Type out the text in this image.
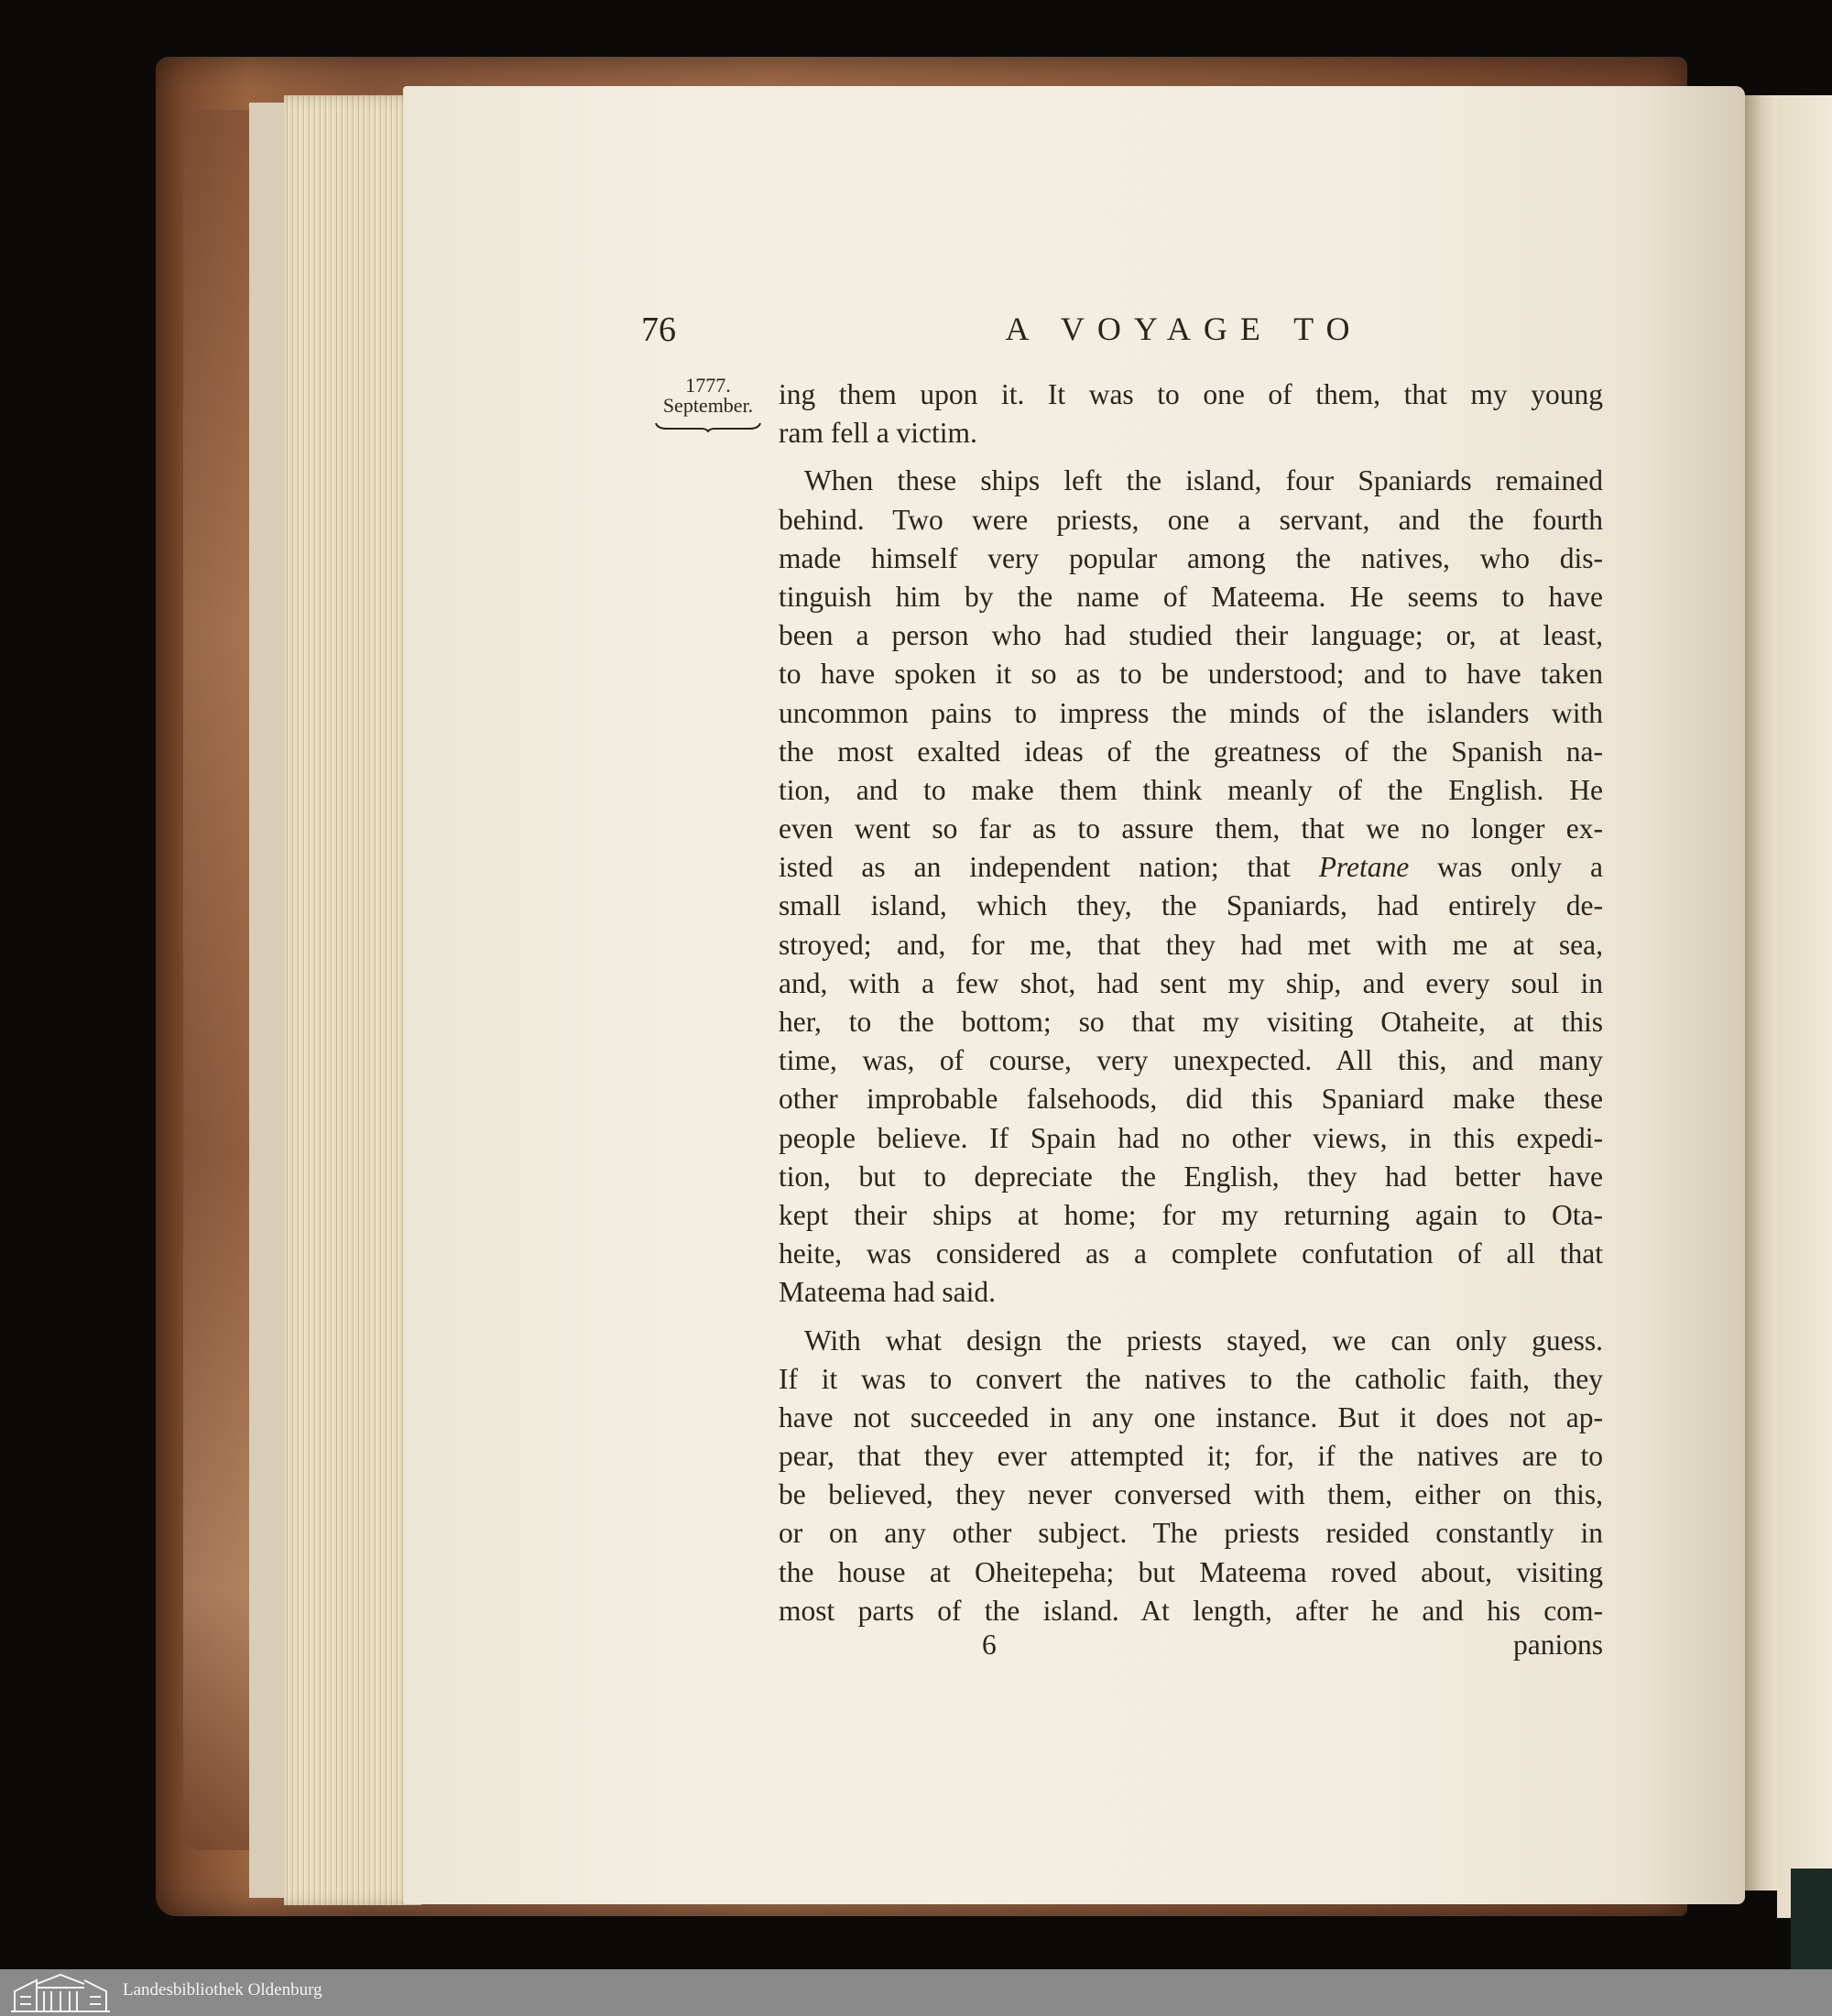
76	A VOYAGE TO
1777.
September. ing them upon it. It was to one of them, that my young
ram fell a victim.
When these ships left the island, four Spaniards remained
behind. Two were priests, one a servant, and the fourth
made himself very popular among the natives, who dis-
tinguish him by the name of Mateema. He seems to have
been a person who had studied their language; or, at least,
to have spoken it so as to be understood; and to have taken
uncommon pains to impress the minds of the islanders with
the most exalted ideas of the greatness of the Spanish na-
tion, and to make them think meanly of the English. He
even went so far as to assure them, that we no longer ex-
isted as an independent nation; that Pretane was only a
small island, which they, the Spaniards, had entirely de-
stroyed; and, for me, that they had met with me at sea,
and, with a few shot, had sent my ship, and every soul in
her, to the bottom; so that my visiting Otaheite, at this
time, was, of course, very unexpected. All this, and many
other improbable falsehoods, did this Spaniard make these
people believe. If Spain had no other views, in this expedi-
tion, but to depreciate the English, they had better have
kept their ships at home; for my returning again to Ota-
heite, was considered as a complete confutation of all that
Mateema had said.
With what design the priests stayed, we can only guess.
If it was to convert the natives to the catholic faith, they
have not succeeded in any one instance. But it does not ap-
pear, that they ever attempted it; for, if the natives are to
be believed, they never conversed with them, either on this,
or on any other subject. The priests resided constantly in
the house at Oheitepeha; but Mateema roved about, visiting
most parts of the island. At length, after he and his com-
6	panions
Landesbibliothek Oldenburg
